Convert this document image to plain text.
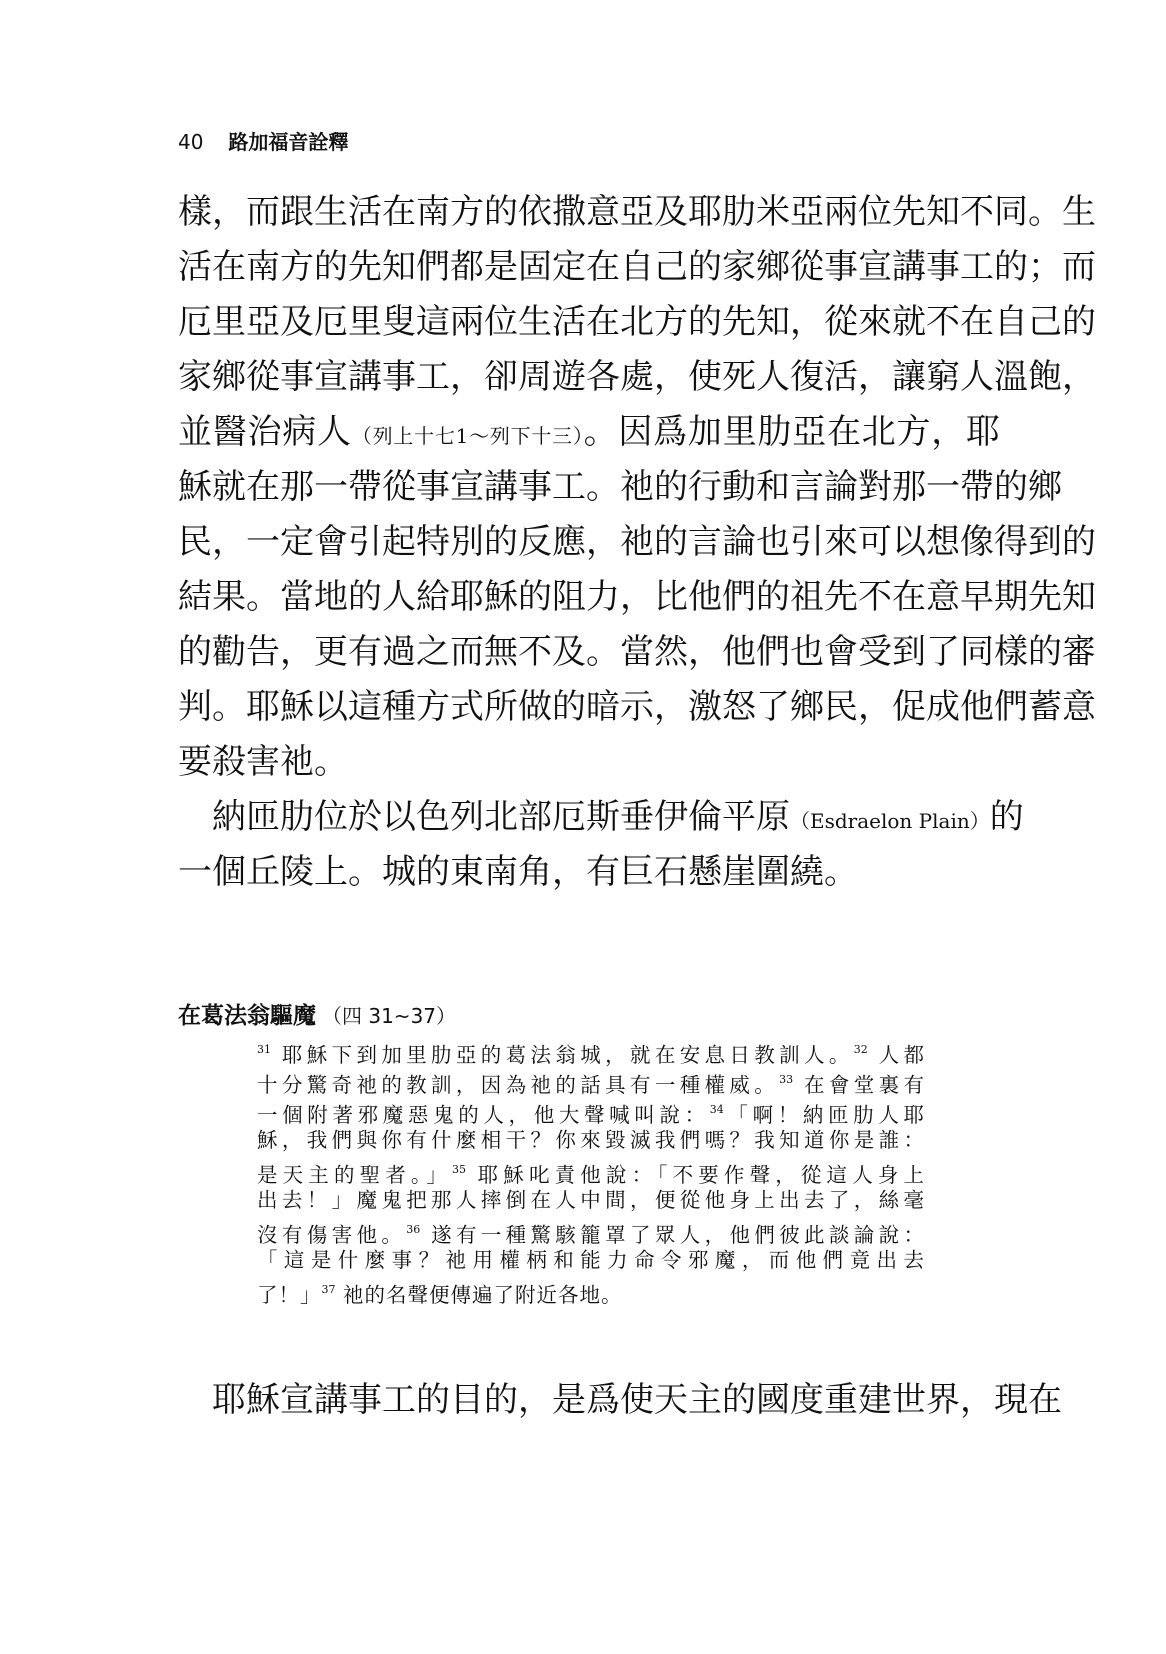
40 路加福音詮釋
樣，而跟生活在南方的依撒意亞及耶肋米亞兩位先知不同。生
活在南方的先知們都是固定在自己的家鄉從事宣講事工的；而
厄里亞及厄里叟這兩位生活在北方的先知，從來就不在自己的
家鄉從事宣講事工，卻周遊各處，使死人復活，讓窮人溫飽，
並醫治病人（列上十七1～列下十三）。因爲加里肋亞在北方，耶
穌就在那一帶從事宣講事工。祂的行動和言論對那一帶的鄉
民，一定會引起特別的反應，祂的言論也引來可以想像得到的
結果。當地的人給耶穌的阻力，比他們的祖先不在意早期先知
的勸告，更有過之而無不及。當然，他們也會受到了同樣的審
判。耶穌以這種方式所做的暗示，激怒了鄉民，促成他們蓄意
要殺害祂。
　納匝肋位於以色列北部厄斯垂伊倫平原（Esdraelon Plain）的
一個丘陵上。城的東南角，有巨石懸崖圍繞。
　耶穌宣講事工的目的，是爲使天主的國度重建世界，現在
在葛法翁驅魔 （四 31~37）
$^{31}$ 耶穌下到加里肋亞的葛法翁城，就在安息日教訓人。$^{32}$ 人都
十分驚奇祂的教訓，因為祂的話具有一種權威。$^{33}$ 在會堂裏有
一個附著邪魔惡鬼的人，他大聲喊叫說：$^{34}$「啊！納匝肋人耶
穌，我們與你有什麼相干？你來毀滅我們嗎？我知道你是誰：
是天主的聖者。」$^{35}$ 耶穌叱責他說：「不要作聲，從這人身上
出去！」魔鬼把那人摔倒在人中間，便從他身上出去了，絲毫
沒有傷害他。$^{36}$ 遂有一種驚駭籠罩了眾人，他們彼此談論說：
「這是什麼事？祂用權柄和能力命令邪魔，而他們竟出去
了！」$^{37}$ 祂的名聲便傳遍了附近各地。
